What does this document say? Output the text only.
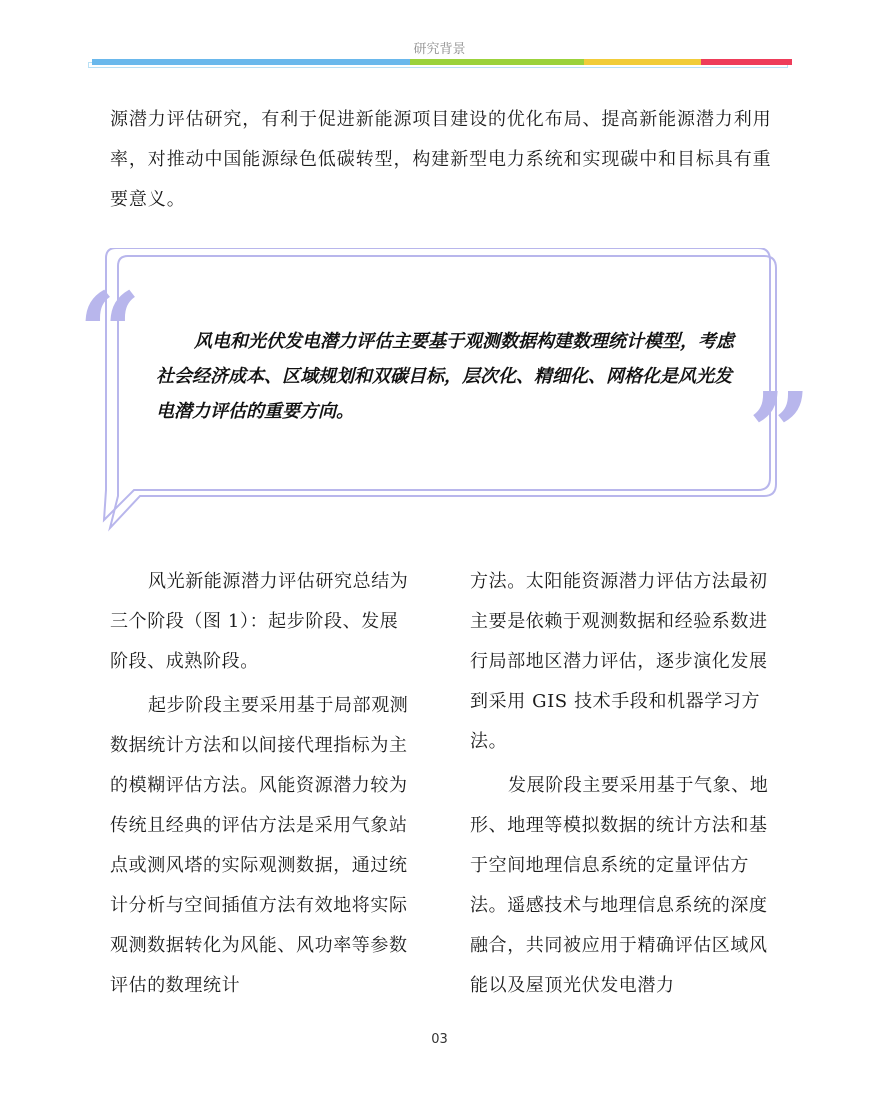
研究背景

源潜力评估研究，有利于促进新能源项目建设的优化布局、提高新能源潜力利用率，对推动中国能源绿色低碳转型，构建新型电力系统和实现碳中和目标具有重要意义。

“
”
风电和光伏发电潜力评估主要基于观测数据构建数理统计模型，考虑社会经济成本、区域规划和双碳目标，层次化、精细化、网格化是风光发电潜力评估的重要方向。

风光新能源潜力评估研究总结为三个阶段（图 1）：起步阶段、发展阶段、成熟阶段。

起步阶段主要采用基于局部观测数据统计方法和以间接代理指标为主的模糊评估方法。风能资源潜力较为传统且经典的评估方法是采用气象站点或测风塔的实际观测数据，通过统计分析与空间插值方法有效地将实际观测数据转化为风能、风功率等参数评估的数理统计

方法。太阳能资源潜力评估方法最初主要是依赖于观测数据和经验系数进行局部地区潜力评估，逐步演化发展到采用 GIS 技术手段和机器学习方法。

发展阶段主要采用基于气象、地形、地理等模拟数据的统计方法和基于空间地理信息系统的定量评估方法。遥感技术与地理信息系统的深度融合，共同被应用于精确评估区域风能以及屋顶光伏发电潜力

03
